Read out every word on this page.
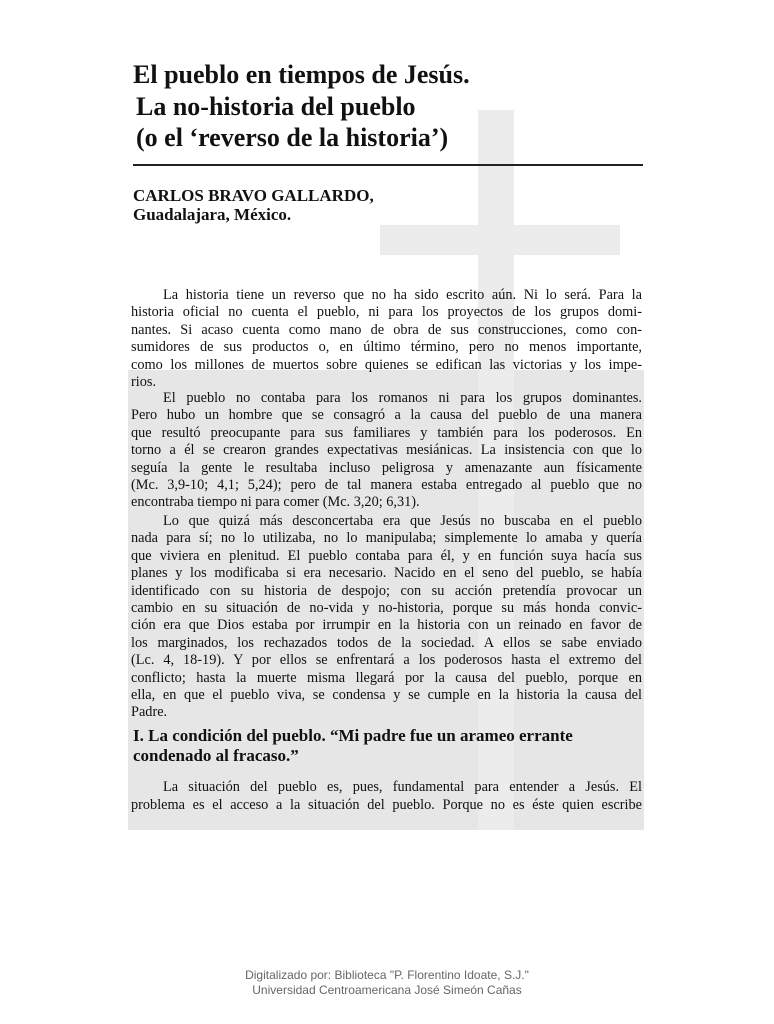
El pueblo en tiempos de Jesús.
La no-historia del pueblo
(o el ‘reverso de la historia’)
CARLOS BRAVO GALLARDO,
Guadalajara, México.
La historia tiene un reverso que no ha sido escrito aún. Ni lo será. Para la
historia oficial no cuenta el pueblo, ni para los proyectos de los grupos domi-
nantes. Si acaso cuenta como mano de obra de sus construcciones, como con-
sumidores de sus productos o, en último término, pero no menos importante,
como los millones de muertos sobre quienes se edifican las victorias y los impe-
rios.
El pueblo no contaba para los romanos ni para los grupos dominantes.
Pero hubo un hombre que se consagró a la causa del pueblo de una manera
que resultó preocupante para sus familiares y también para los poderosos. En
torno a él se crearon grandes expectativas mesiánicas. La insistencia con que lo
seguía la gente le resultaba incluso peligrosa y amenazante aun físicamente
(Mc. 3,9-10; 4,1; 5,24); pero de tal manera estaba entregado al pueblo que no
encontraba tiempo ni para comer (Mc. 3,20; 6,31).
Lo que quizá más desconcertaba era que Jesús no buscaba en el pueblo
nada para sí; no lo utilizaba, no lo manipulaba; simplemente lo amaba y quería
que viviera en plenitud. El pueblo contaba para él, y en función suya hacía sus
planes y los modificaba si era necesario. Nacido en el seno del pueblo, se había
identificado con su historia de despojo; con su acción pretendía provocar un
cambio en su situación de no-vida y no-historia, porque su más honda convic-
ción era que Dios estaba por irrumpir en la historia con un reinado en favor de
los marginados, los rechazados todos de la sociedad. A ellos se sabe enviado
(Lc. 4, 18-19). Y por ellos se enfrentará a los poderosos hasta el extremo del
conflicto; hasta la muerte misma llegará por la causa del pueblo, porque en
ella, en que el pueblo viva, se condensa y se cumple en la historia la causa del
Padre.
I. La condición del pueblo. “Mi padre fue un arameo errante
condenado al fracaso.”
La situación del pueblo es, pues, fundamental para entender a Jesús. El
problema es el acceso a la situación del pueblo. Porque no es éste quien escribe
Digitalizado por: Biblioteca "P. Florentino Idoate, S.J."
Universidad Centroamericana José Simeón Cañas
